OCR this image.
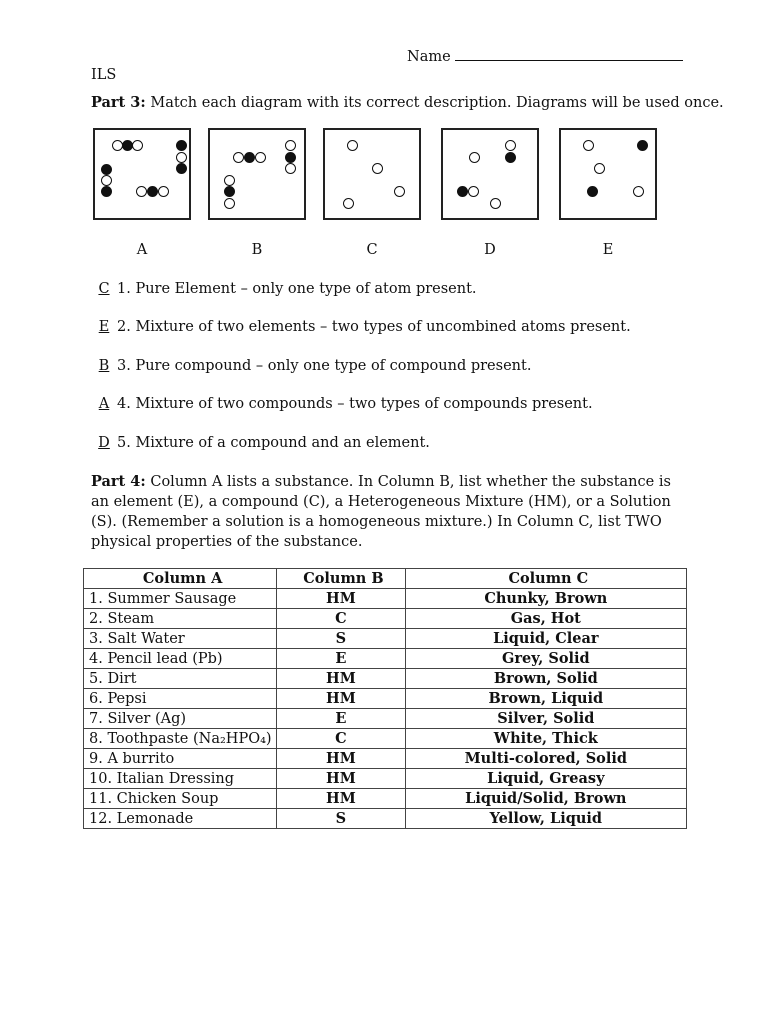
Name
ILS
Part 3: Match each diagram with its correct description. Diagrams will be used once.
A	B	C	D	E
C 1. Pure Element – only one type of atom present.
E 2. Mixture of two elements – two types of uncombined atoms present.
B 3. Pure compound – only one type of compound present.
A 4. Mixture of two compounds – two types of compounds present.
D 5. Mixture of a compound and an element.
Part 4: Column A lists a substance. In Column B, list whether the substance is an element (E), a compound (C), a Heterogeneous Mixture (HM), or a Solution (S). (Remember a solution is a homogeneous mixture.) In Column C, list TWO physical properties of the substance.
Column A	Column B	Column C
1. Summer Sausage	HM	Chunky, Brown
2. Steam	C	Gas, Hot
3. Salt Water	S	Liquid, Clear
4. Pencil lead (Pb)	E	Grey, Solid
5. Dirt	HM	Brown, Solid
6. Pepsi	HM	Brown, Liquid
7. Silver (Ag)	E	Silver, Solid
8. Toothpaste (Na₂HPO₄)	C	White, Thick
9. A burrito	HM	Multi-colored, Solid
10. Italian Dressing	HM	Liquid, Greasy
11. Chicken Soup	HM	Liquid/Solid, Brown
12. Lemonade	S	Yellow, Liquid
